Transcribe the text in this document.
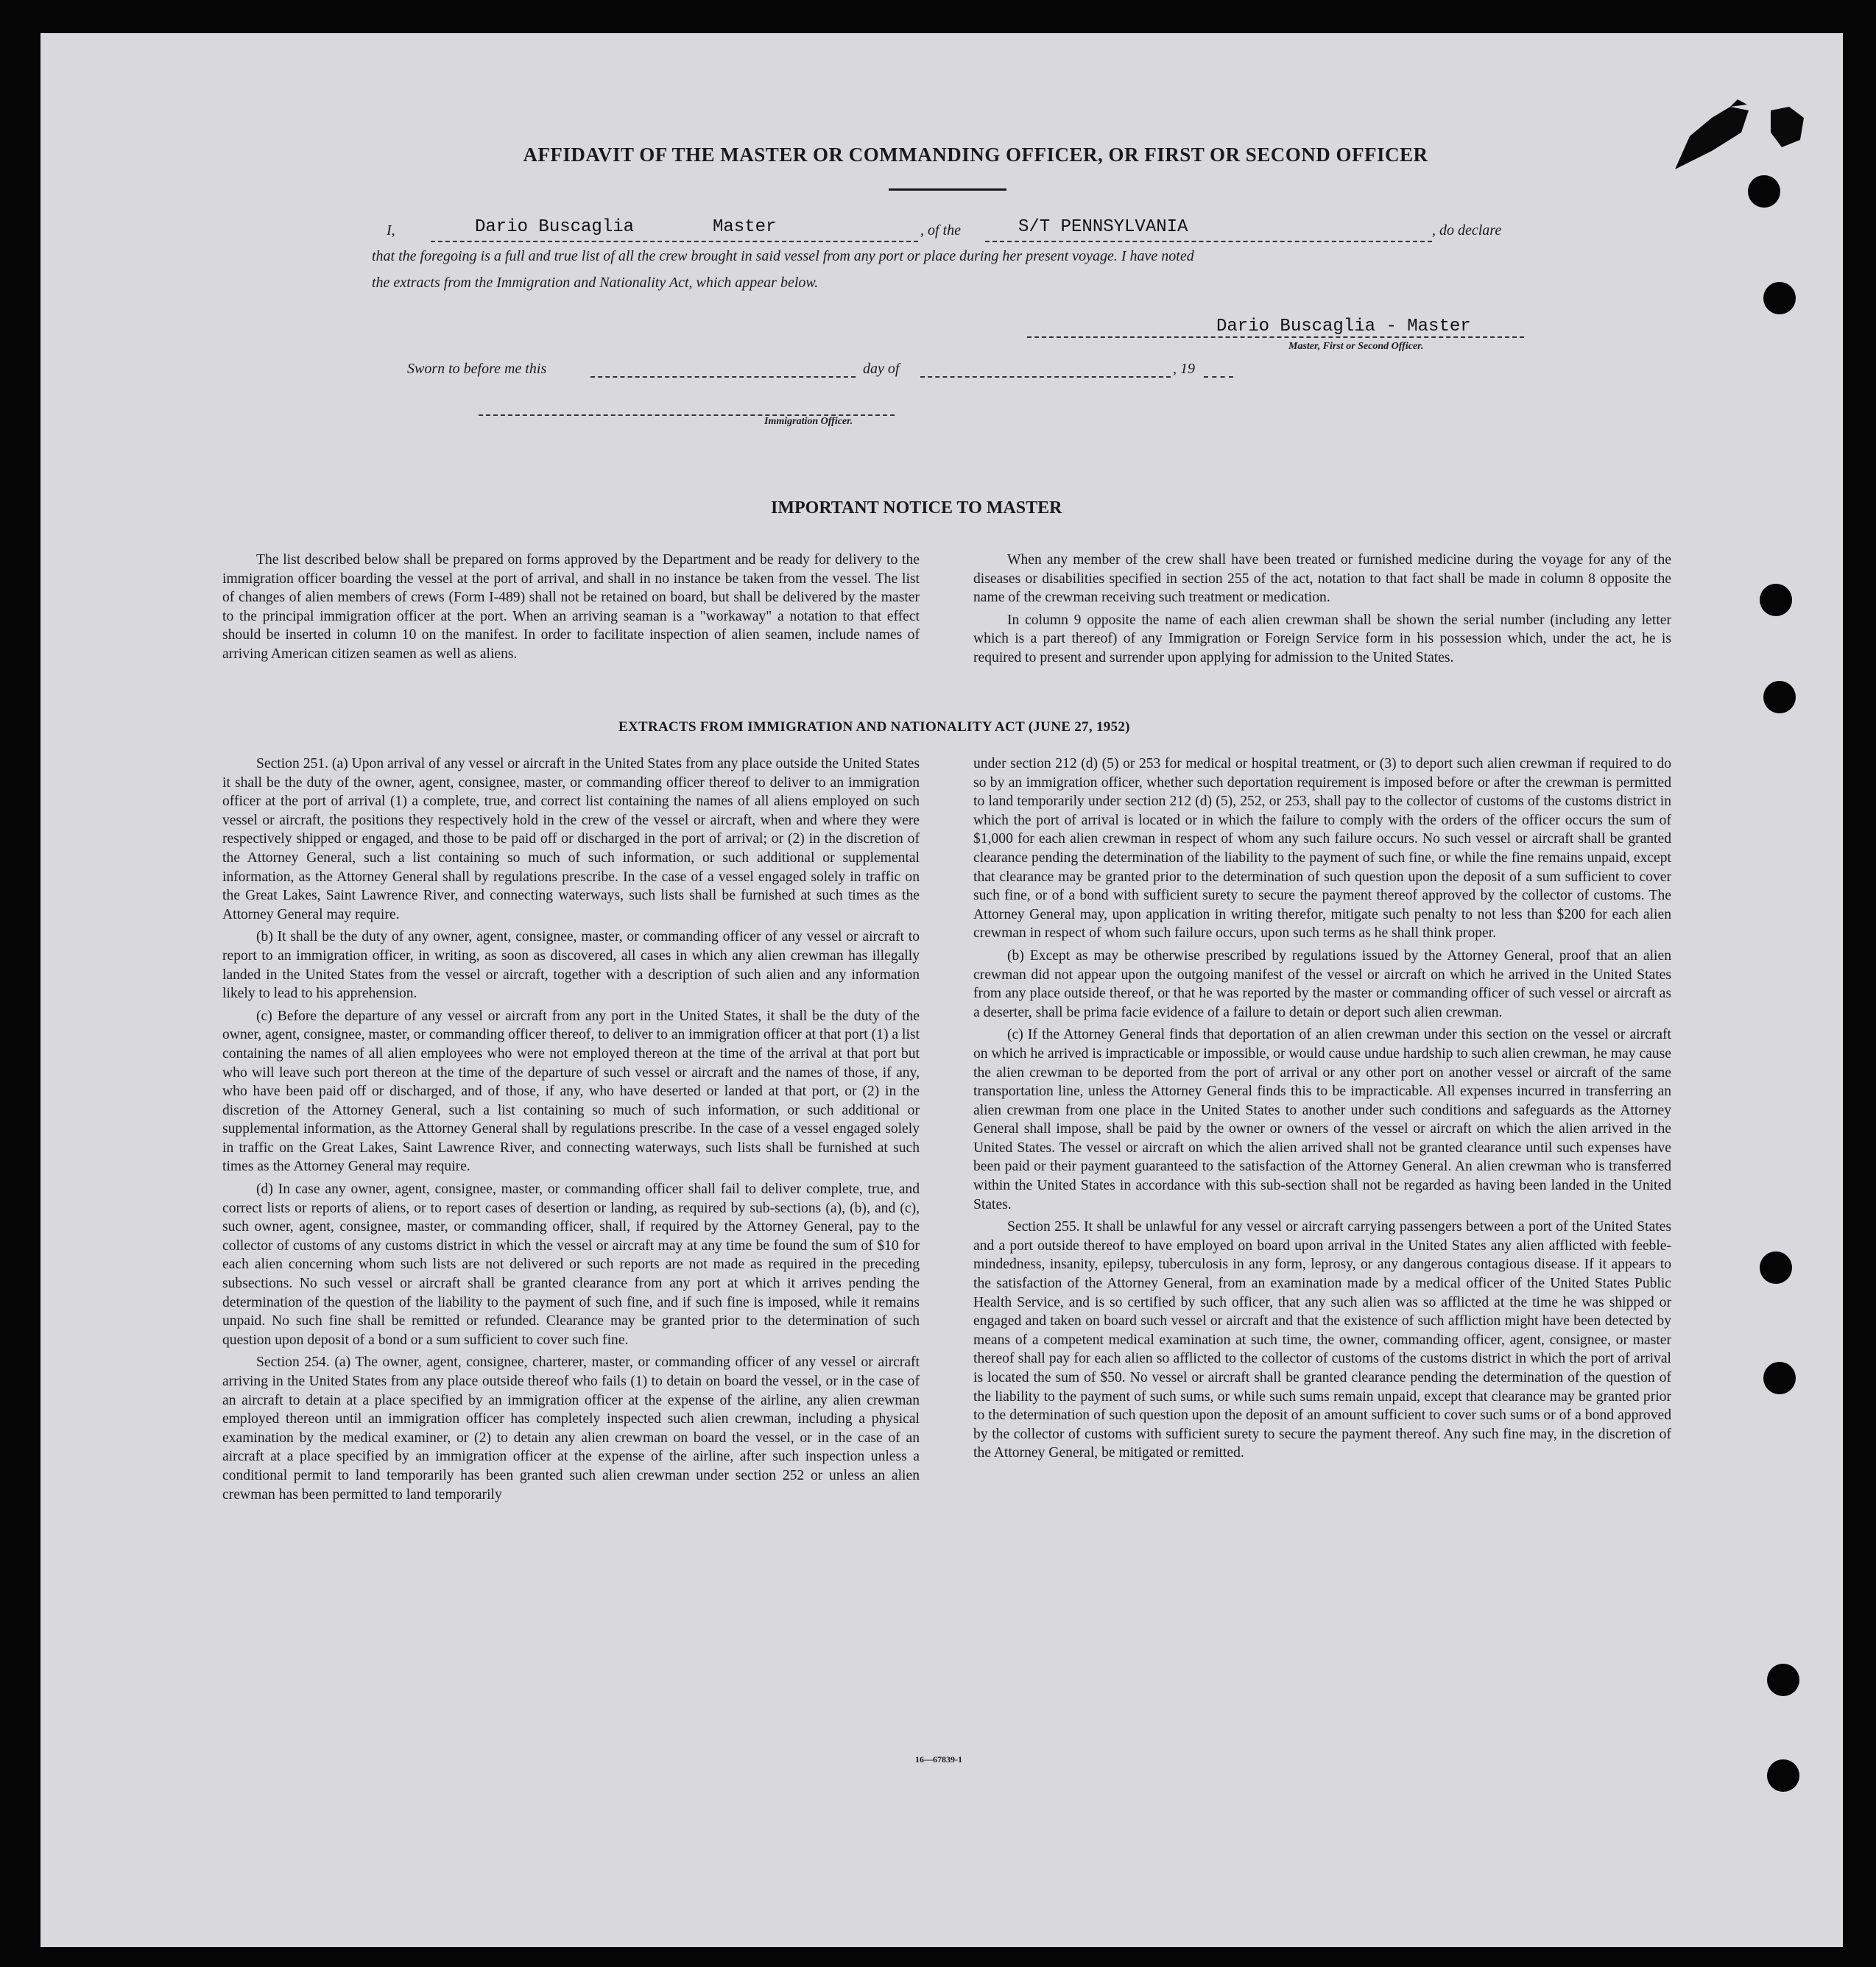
AFFIDAVIT OF THE MASTER OR COMMANDING OFFICER, OR FIRST OR SECOND OFFICER
I,	Dario Buscaglia	Master	, of the	S/T PENNSYLVANIA	, do declare
that the foregoing is a full and true list of all the crew brought in said vessel from any port or place during her present voyage. I have noted
the extracts from the Immigration and Nationality Act, which appear below.
Dario Buscaglia - Master
Master, First or Second Officer.
Sworn to before me this	day of	, 19
Immigration Officer.
IMPORTANT NOTICE TO MASTER

The list described below shall be prepared on forms approved by the Department and be ready for delivery to the immigration officer boarding the vessel at the port of arrival, and shall in no instance be taken from the vessel. The list of changes of alien members of crews (Form I-489) shall not be retained on board, but shall be delivered by the master to the principal immigration officer at the port. When an arriving seaman is a "workaway" a notation to that effect should be inserted in column 10 on the manifest. In order to facilitate inspection of alien seamen, include names of arriving American citizen seamen as well as aliens.

When any member of the crew shall have been treated or furnished medicine during the voyage for any of the diseases or disabilities specified in section 255 of the act, notation to that fact shall be made in column 8 opposite the name of the crewman receiving such treatment or medication.

In column 9 opposite the name of each alien crewman shall be shown the serial number (including any letter which is a part thereof) of any Immigration or Foreign Service form in his possession which, under the act, he is required to present and surrender upon applying for admission to the United States.

EXTRACTS FROM IMMIGRATION AND NATIONALITY ACT (JUNE 27, 1952)

Section 251. (a) Upon arrival of any vessel or aircraft in the United States from any place outside the United States it shall be the duty of the owner, agent, consignee, master, or commanding officer thereof to deliver to an immigration officer at the port of arrival (1) a complete, true, and correct list containing the names of all aliens employed on such vessel or aircraft, the positions they respectively hold in the crew of the vessel or aircraft, when and where they were respectively shipped or engaged, and those to be paid off or discharged in the port of arrival; or (2) in the discretion of the Attorney General, such a list containing so much of such information, or such additional or supplemental information, as the Attorney General shall by regulations prescribe. In the case of a vessel engaged solely in traffic on the Great Lakes, Saint Lawrence River, and connecting waterways, such lists shall be furnished at such times as the Attorney General may require.

(b) It shall be the duty of any owner, agent, consignee, master, or commanding officer of any vessel or aircraft to report to an immigration officer, in writing, as soon as discovered, all cases in which any alien crewman has illegally landed in the United States from the vessel or aircraft, together with a description of such alien and any information likely to lead to his apprehension.

(c) Before the departure of any vessel or aircraft from any port in the United States, it shall be the duty of the owner, agent, consignee, master, or commanding officer thereof, to deliver to an immigration officer at that port (1) a list containing the names of all alien employees who were not employed thereon at the time of the arrival at that port but who will leave such port thereon at the time of the departure of such vessel or aircraft and the names of those, if any, who have been paid off or discharged, and of those, if any, who have deserted or landed at that port, or (2) in the discretion of the Attorney General, such a list containing so much of such information, or such additional or supplemental information, as the Attorney General shall by regulations prescribe. In the case of a vessel engaged solely in traffic on the Great Lakes, Saint Lawrence River, and connecting waterways, such lists shall be furnished at such times as the Attorney General may require.

(d) In case any owner, agent, consignee, master, or commanding officer shall fail to deliver complete, true, and correct lists or reports of aliens, or to report cases of desertion or landing, as required by sub-sections (a), (b), and (c), such owner, agent, consignee, master, or commanding officer, shall, if required by the Attorney General, pay to the collector of customs of any customs district in which the vessel or aircraft may at any time be found the sum of $10 for each alien concerning whom such lists are not delivered or such reports are not made as required in the preceding subsections. No such vessel or aircraft shall be granted clearance from any port at which it arrives pending the determination of the question of the liability to the payment of such fine, and if such fine is imposed, while it remains unpaid. No such fine shall be remitted or refunded. Clearance may be granted prior to the determination of such question upon deposit of a bond or a sum sufficient to cover such fine.

Section 254. (a) The owner, agent, consignee, charterer, master, or commanding officer of any vessel or aircraft arriving in the United States from any place outside thereof who fails (1) to detain on board the vessel, or in the case of an aircraft to detain at a place specified by an immigration officer at the expense of the airline, any alien crewman employed thereon until an immigration officer has completely inspected such alien crewman, including a physical examination by the medical examiner, or (2) to detain any alien crewman on board the vessel, or in the case of an aircraft at a place specified by an immigration officer at the expense of the airline, after such inspection unless a conditional permit to land temporarily has been granted such alien crewman under section 252 or unless an alien crewman has been permitted to land temporarily

under section 212 (d) (5) or 253 for medical or hospital treatment, or (3) to deport such alien crewman if required to do so by an immigration officer, whether such deportation requirement is imposed before or after the crewman is permitted to land temporarily under section 212 (d) (5), 252, or 253, shall pay to the collector of customs of the customs district in which the port of arrival is located or in which the failure to comply with the orders of the officer occurs the sum of $1,000 for each alien crewman in respect of whom any such failure occurs. No such vessel or aircraft shall be granted clearance pending the determination of the liability to the payment of such fine, or while the fine remains unpaid, except that clearance may be granted prior to the determination of such question upon the deposit of a sum sufficient to cover such fine, or of a bond with sufficient surety to secure the payment thereof approved by the collector of customs. The Attorney General may, upon application in writing therefor, mitigate such penalty to not less than $200 for each alien crewman in respect of whom such failure occurs, upon such terms as he shall think proper.

(b) Except as may be otherwise prescribed by regulations issued by the Attorney General, proof that an alien crewman did not appear upon the outgoing manifest of the vessel or aircraft on which he arrived in the United States from any place outside thereof, or that he was reported by the master or commanding officer of such vessel or aircraft as a deserter, shall be prima facie evidence of a failure to detain or deport such alien crewman.

(c) If the Attorney General finds that deportation of an alien crewman under this section on the vessel or aircraft on which he arrived is impracticable or impossible, or would cause undue hardship to such alien crewman, he may cause the alien crewman to be deported from the port of arrival or any other port on another vessel or aircraft of the same transportation line, unless the Attorney General finds this to be impracticable. All expenses incurred in transferring an alien crewman from one place in the United States to another under such conditions and safeguards as the Attorney General shall impose, shall be paid by the owner or owners of the vessel or aircraft on which the alien arrived in the United States. The vessel or aircraft on which the alien arrived shall not be granted clearance until such expenses have been paid or their payment guaranteed to the satisfaction of the Attorney General. An alien crewman who is transferred within the United States in accordance with this sub-section shall not be regarded as having been landed in the United States.

Section 255. It shall be unlawful for any vessel or aircraft carrying passengers between a port of the United States and a port outside thereof to have employed on board upon arrival in the United States any alien afflicted with feeble-mindedness, insanity, epilepsy, tuberculosis in any form, leprosy, or any dangerous contagious disease. If it appears to the satisfaction of the Attorney General, from an examination made by a medical officer of the United States Public Health Service, and is so certified by such officer, that any such alien was so afflicted at the time he was shipped or engaged and taken on board such vessel or aircraft and that the existence of such affliction might have been detected by means of a competent medical examination at such time, the owner, commanding officer, agent, consignee, or master thereof shall pay for each alien so afflicted to the collector of customs of the customs district in which the port of arrival is located the sum of $50. No vessel or aircraft shall be granted clearance pending the determination of the question of the liability to the payment of such sums, or while such sums remain unpaid, except that clearance may be granted prior to the determination of such question upon the deposit of an amount sufficient to cover such sums or of a bond approved by the collector of customs with sufficient surety to secure the payment thereof. Any such fine may, in the discretion of the Attorney General, be mitigated or remitted.

16—67839-1
